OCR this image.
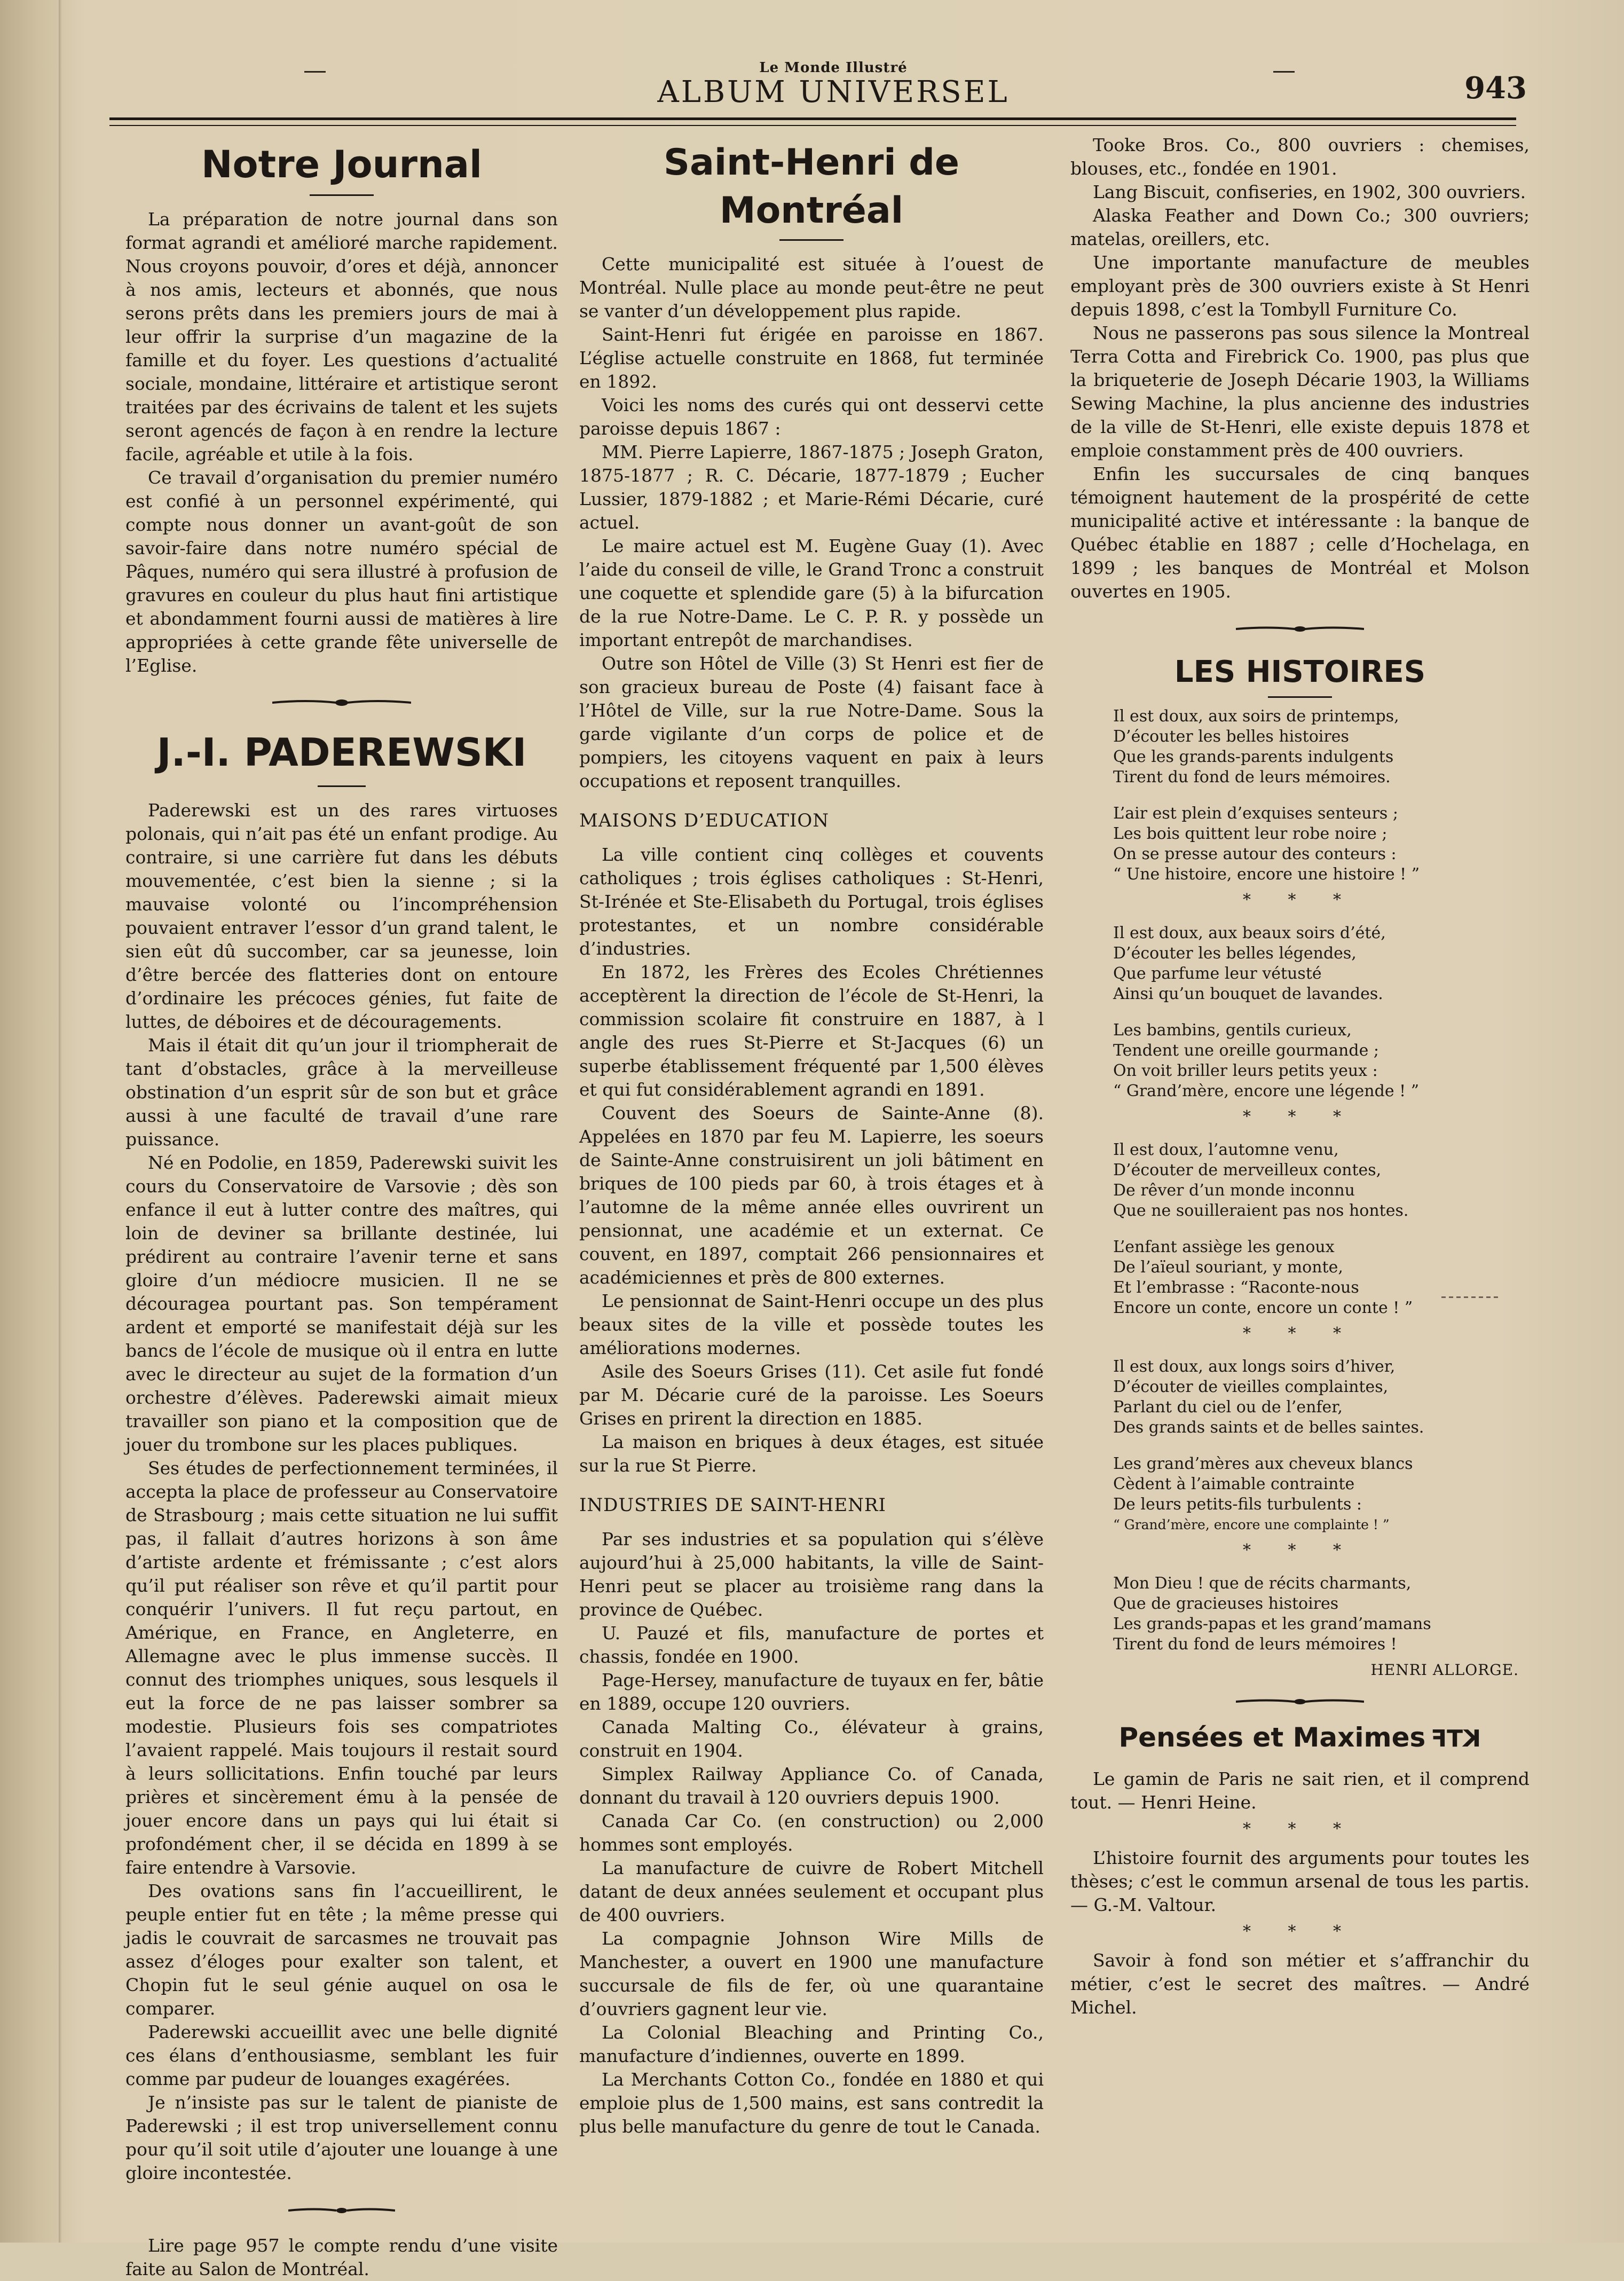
Le Monde Illustré
ALBUM UNIVERSEL	943
Notre Journal

La préparation de notre journal dans son format agrandi et amélioré marche rapidement. Nous croyons pouvoir, d’ores et déjà, annoncer à nos amis, lecteurs et abonnés, que nous serons prêts dans les premiers jours de mai à leur offrir la surprise d’un magazine de la famille et du foyer. Les questions d’actualité sociale, mondaine, littéraire et artistique seront traitées par des écrivains de talent et les sujets seront agencés de façon à en rendre la lecture facile, agréable et utile à la fois.

Ce travail d’organisation du premier numéro est confié à un personnel expérimenté, qui compte nous donner un avant-goût de son savoir-faire dans notre numéro spécial de Pâques, numéro qui sera illustré à profusion de gravures en couleur du plus haut fini artistique et abondamment fourni aussi de matières à lire appropriées à cette grande fête universelle de l’Eglise.

J.-I. PADEREWSKI

Paderewski est un des rares virtuoses polonais, qui n’ait pas été un enfant prodige. Au contraire, si une carrière fut dans les débuts mouvementée, c’est bien la sienne ; si la mauvaise volonté ou l’incompréhension pouvaient entraver l’essor d’un grand talent, le sien eût dû succomber, car sa jeunesse, loin d’être bercée des flatteries dont on entoure d’ordinaire les précoces génies, fut faite de luttes, de déboires et de découragements.

Mais il était dit qu’un jour il triompherait de tant d’obstacles, grâce à la merveilleuse obstination d’un esprit sûr de son but et grâce aussi à une faculté de travail d’une rare puissance.

Né en Podolie, en 1859, Paderewski suivit les cours du Conservatoire de Varsovie ; dès son enfance il eut à lutter contre des maîtres, qui loin de deviner sa brillante destinée, lui prédirent au contraire l’avenir terne et sans gloire d’un médiocre musicien. Il ne se découragea pourtant pas. Son tempérament ardent et emporté se manifestait déjà sur les bancs de l’école de musique où il entra en lutte avec le directeur au sujet de la formation d’un orchestre d’élèves. Paderewski aimait mieux travailler son piano et la composition que de jouer du trombone sur les places publiques.

Ses études de perfectionnement terminées, il accepta la place de professeur au Conservatoire de Strasbourg ; mais cette situation ne lui suffit pas, il fallait d’autres horizons à son âme d’artiste ardente et frémissante ; c’est alors qu’il put réaliser son rêve et qu’il partit pour conquérir l’univers. Il fut reçu partout, en Amérique, en France, en Angleterre, en Allemagne avec le plus immense succès. Il connut des triomphes uniques, sous lesquels il eut la force de ne pas laisser sombrer sa modestie. Plusieurs fois ses compatriotes l’avaient rappelé. Mais toujours il restait sourd à leurs sollicitations. Enfin touché par leurs prières et sincèrement ému à la pensée de jouer encore dans un pays qui lui était si profondément cher, il se décida en 1899 à se faire entendre à Varsovie.

Des ovations sans fin l’accueillirent, le peuple entier fut en tête ; la même presse qui jadis le couvrait de sarcasmes ne trouvait pas assez d’éloges pour exalter son talent, et Chopin fut le seul génie auquel on osa le comparer.

Paderewski accueillit avec une belle dignité ces élans d’enthousiasme, semblant les fuir comme par pudeur de louanges exagérées.

Je n’insiste pas sur le talent de pianiste de Paderewski ; il est trop universellement connu pour qu’il soit utile d’ajouter une louange à une gloire incontestée.

Lire page 957 le compte rendu d’une visite faite au Salon de Montréal.

Saint-Henri de Montréal

Cette municipalité est située à l’ouest de Montréal. Nulle place au monde peut-être ne peut se vanter d’un développement plus rapide.

Saint-Henri fut érigée en paroisse en 1867. L’église actuelle construite en 1868, fut terminée en 1892.

Voici les noms des curés qui ont desservi cette paroisse depuis 1867 :

MM. Pierre Lapierre, 1867-1875 ; Joseph Graton, 1875-1877 ; R. C. Décarie, 1877-1879 ; Eucher Lussier, 1879-1882 ; et Marie-Rémi Décarie, curé actuel.

Le maire actuel est M. Eugène Guay (1). Avec l’aide du conseil de ville, le Grand Tronc a construit une coquette et splendide gare (5) à la bifurcation de la rue Notre-Dame. Le C. P. R. y possède un important entrepôt de marchandises.

Outre son Hôtel de Ville (3) St Henri est fier de son gracieux bureau de Poste (4) faisant face à l’Hôtel de Ville, sur la rue Notre-Dame. Sous la garde vigilante d’un corps de police et de pompiers, les citoyens vaquent en paix à leurs occupations et reposent tranquilles.

MAISONS D’EDUCATION

La ville contient cinq collèges et couvents catholiques ; trois églises catholiques : St-Henri, St-Irénée et Ste-Elisabeth du Portugal, trois églises protestantes, et un nombre considérable d’industries.

En 1872, les Frères des Ecoles Chrétiennes acceptèrent la direction de l’école de St-Henri, la commission scolaire fit construire en 1887, à l angle des rues St-Pierre et St-Jacques (6) un superbe établissement fréquenté par 1,500 élèves et qui fut considérablement agrandi en 1891.

Couvent des Soeurs de Sainte-Anne (8). Appelées en 1870 par feu M. Lapierre, les soeurs de Sainte-Anne construisirent un joli bâtiment en briques de 100 pieds par 60, à trois étages et à l’automne de la même année elles ouvrirent un pensionnat, une académie et un externat. Ce couvent, en 1897, comptait 266 pensionnaires et académiciennes et près de 800 externes.

Le pensionnat de Saint-Henri occupe un des plus beaux sites de la ville et possède toutes les améliorations modernes.

Asile des Soeurs Grises (11). Cet asile fut fondé par M. Décarie curé de la paroisse. Les Soeurs Grises en prirent la direction en 1885.

La maison en briques à deux étages, est située sur la rue St Pierre.

INDUSTRIES DE SAINT-HENRI

Par ses industries et sa population qui s’élève aujourd’hui à 25,000 habitants, la ville de Saint-Henri peut se placer au troisième rang dans la province de Québec.

U. Pauzé et fils, manufacture de portes et chassis, fondée en 1900.

Page-Hersey, manufacture de tuyaux en fer, bâtie en 1889, occupe 120 ouvriers.

Canada Malting Co., élévateur à grains, construit en 1904.

Simplex Railway Appliance Co. of Canada, donnant du travail à 120 ouvriers depuis 1900.

Canada Car Co. (en construction) ou 2,000 hommes sont employés.

La manufacture de cuivre de Robert Mitchell datant de deux années seulement et occupant plus de 400 ouvriers.

La compagnie Johnson Wire Mills de Manchester, a ouvert en 1900 une manufacture succursale de fils de fer, où une quarantaine d’ouvriers gagnent leur vie.

La Colonial Bleaching and Printing Co., manufacture d’indiennes, ouverte en 1899.

La Merchants Cotton Co., fondée en 1880 et qui emploie plus de 1,500 mains, est sans contredit la plus belle manufacture du genre de tout le Canada.

Tooke Bros. Co., 800 ouvriers : chemises, blouses, etc., fondée en 1901.

Lang Biscuit, confiseries, en 1902, 300 ouvriers.

Alaska Feather and Down Co.; 300 ouvriers; matelas, oreillers, etc.

Une importante manufacture de meubles employant près de 300 ouvriers existe à St Henri depuis 1898, c’est la Tombyll Furniture Co.

Nous ne passerons pas sous silence la Montreal Terra Cotta and Firebrick Co. 1900, pas plus que la briqueterie de Joseph Décarie 1903, la Williams Sewing Machine, la plus ancienne des industries de la ville de St-Henri, elle existe depuis 1878 et emploie constamment près de 400 ouvriers.

Enfin les succursales de cinq banques témoignent hautement de la prospérité de cette municipalité active et intéressante : la banque de Québec établie en 1887 ; celle d’Hochelaga, en 1899 ; les banques de Montréal et Molson ouvertes en 1905.

LES HISTOIRES

Il est doux, aux soirs de printemps,

D’écouter les belles histoires

Que les grands-parents indulgents

Tirent du fond de leurs mémoires.

L’air est plein d’exquises senteurs ;

Les bois quittent leur robe noire ;

On se presse autour des conteurs :

“ Une histoire, encore une histoire ! ”

* * *

Il est doux, aux beaux soirs d’été,

D’écouter les belles légendes,

Que parfume leur vétusté

Ainsi qu’un bouquet de lavandes.

Les bambins, gentils curieux,

Tendent une oreille gourmande ;

On voit briller leurs petits yeux :

“ Grand’mère, encore une légende ! ”

* * *

Il est doux, l’automne venu,

D’écouter de merveilleux contes,

De rêver d’un monde inconnu

Que ne souilleraient pas nos hontes.

L’enfant assiège les genoux

De l’aïeul souriant, y monte,

Et l’embrasse : “Raconte-nous

Encore un conte, encore un conte ! ”

* * *

Il est doux, aux longs soirs d’hiver,

D’écouter de vieilles complaintes,

Parlant du ciel ou de l’enfer,

Des grands saints et de belles saintes.

Les grand’mères aux cheveux blancs

Cèdent à l’aimable contrainte

De leurs petits-fils turbulents :

“ Grand’mère, encore une complainte ! ”

* * *

Mon Dieu ! que de récits charmants,

Que de gracieuses histoires

Les grands-papas et les grand’mamans

Tirent du fond de leurs mémoires !

HENRI ALLORGE.
Pensées et Maximes KTF

Le gamin de Paris ne sait rien, et il comprend tout. — Henri Heine.

* * *

L’histoire fournit des arguments pour toutes les thèses; c’est le commun arsenal de tous les partis. — G.-M. Valtour.

* * *

Savoir à fond son métier et s’affranchir du métier, c’est le secret des maîtres. — André Michel.
